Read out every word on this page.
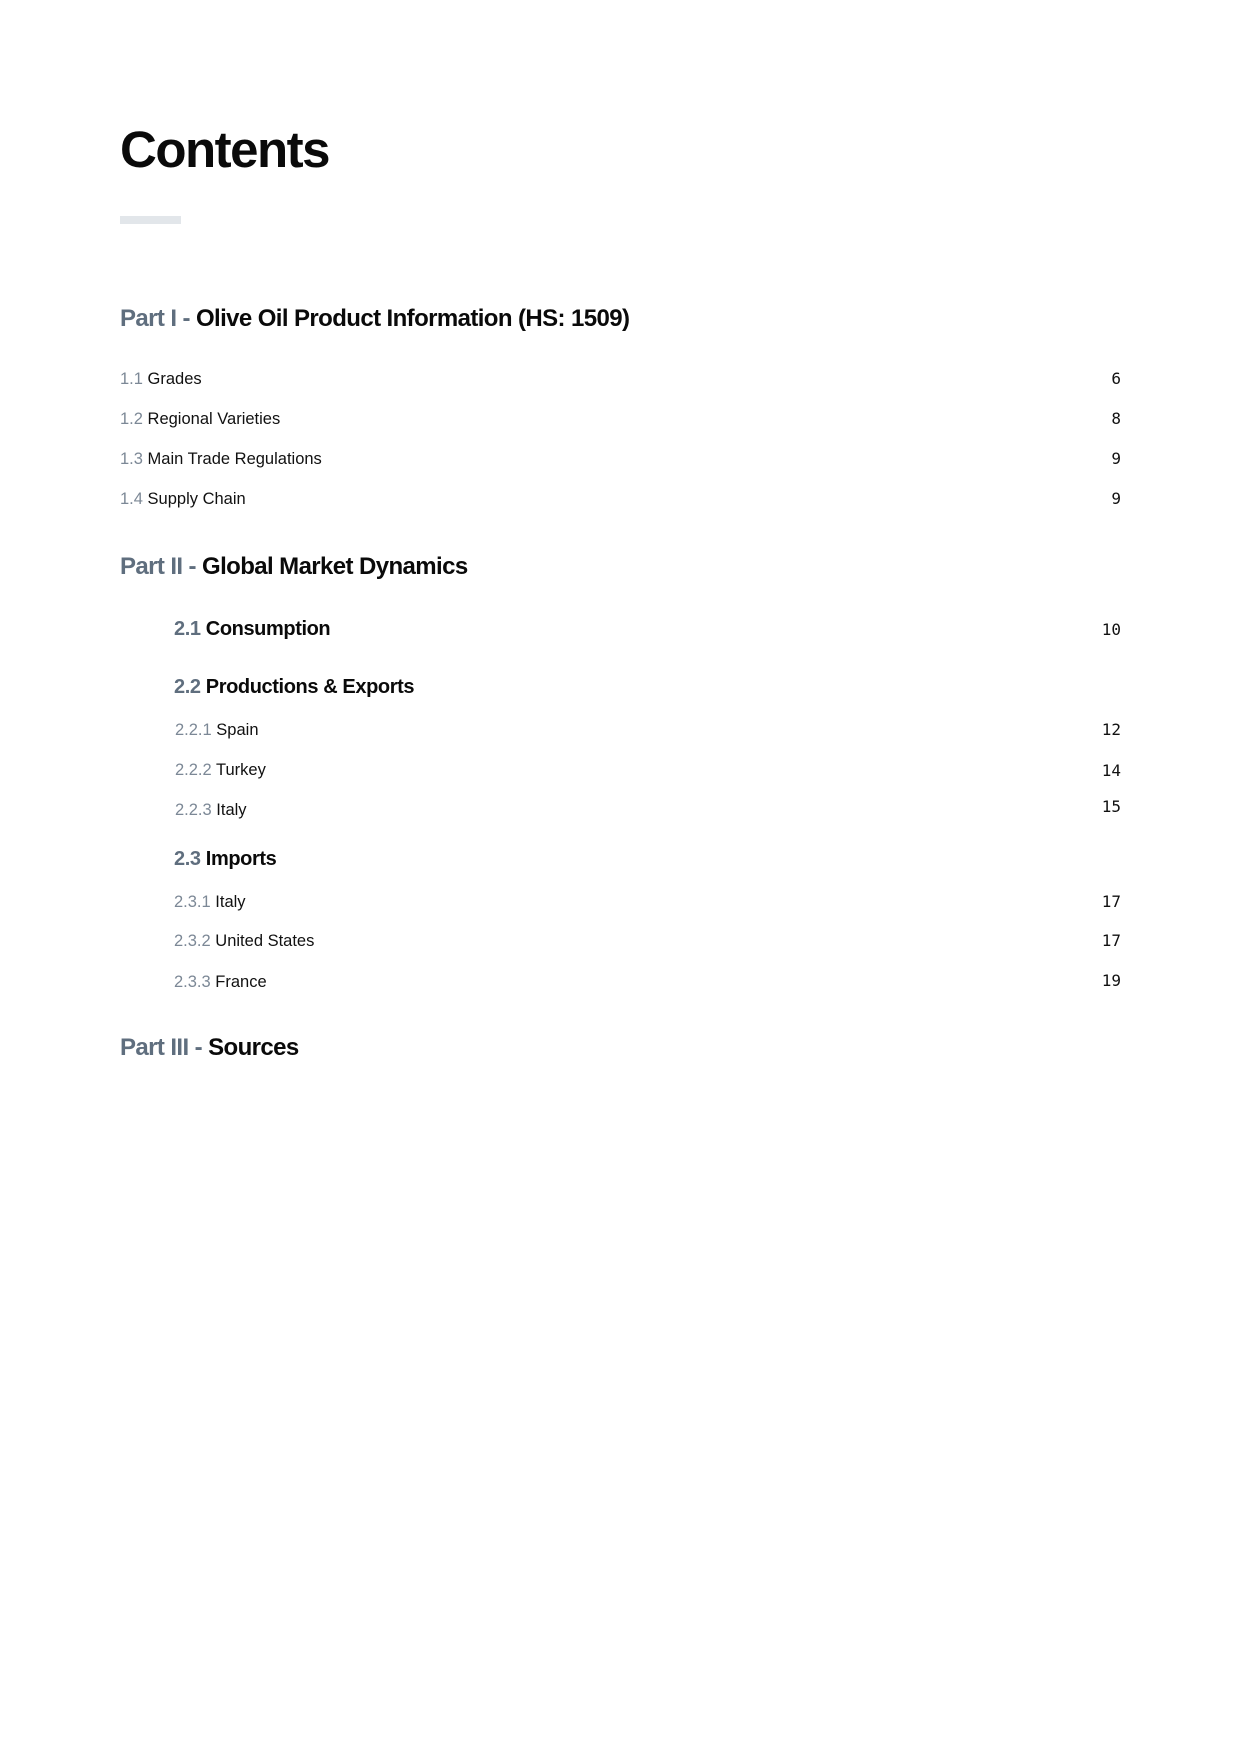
Contents
Part I - Olive Oil Product Information (HS: 1509)
1.1 Grades	6
1.2 Regional Varieties	8
1.3 Main Trade Regulations	9
1.4 Supply Chain	9
Part II - Global Market Dynamics
2.1 Consumption	10
2.2 Productions & Exports
2.2.1 Spain	12
2.2.2 Turkey	14
2.2.3 Italy	15
2.3 Imports
2.3.1 Italy	17
2.3.2 United States	17
2.3.3 France	19
Part III - Sources
